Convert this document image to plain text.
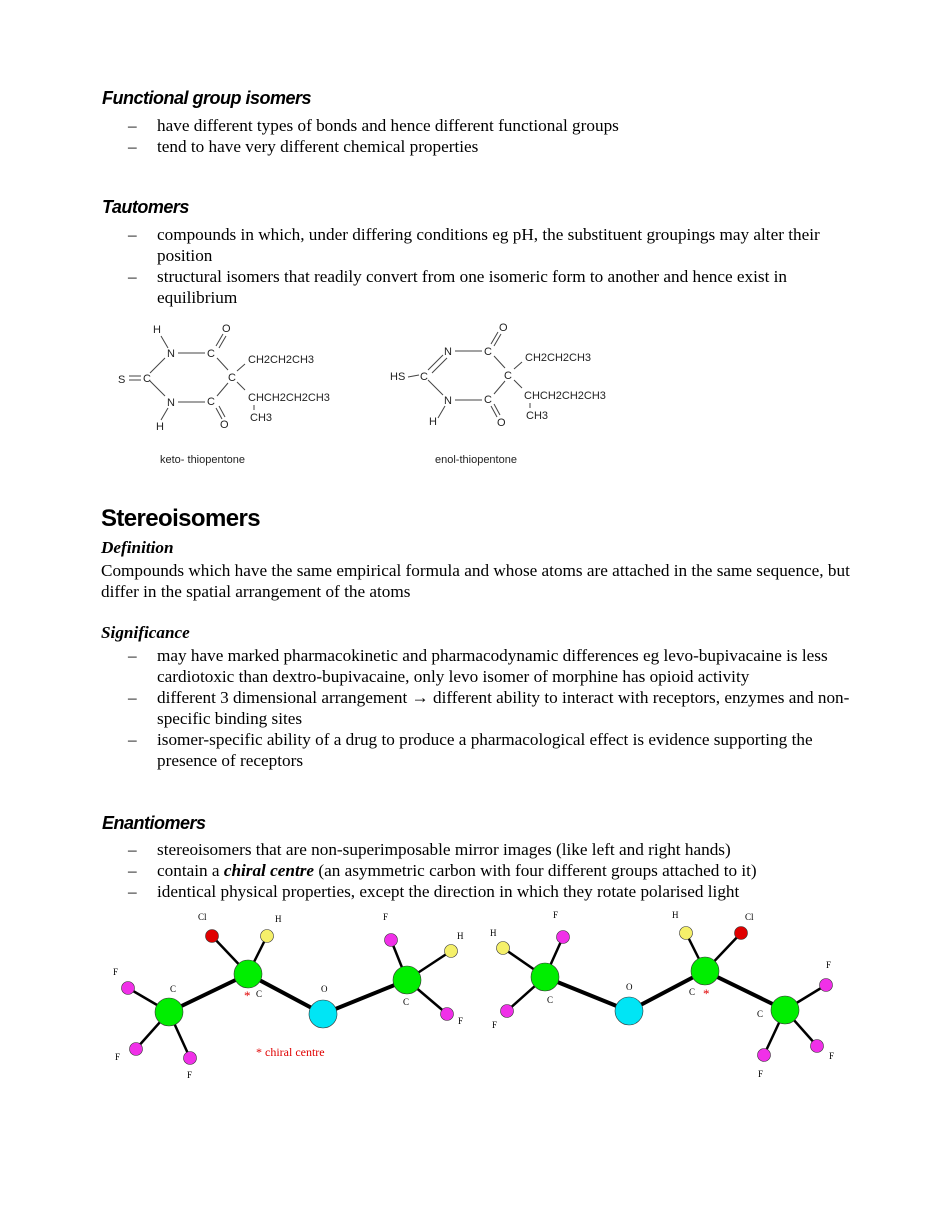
Functional group isomers
– have different types of bonds and hence different functional groups
– tend to have very different chemical properties
Tautomers
– compounds in which, under differing conditions eg pH, the substituent groupings may alter their position
– structural isomers that readily convert from one isomeric form to another and hence exist in equilibrium
H
N	C
O
S C	C
CH2CH2CH3
N	C	CHCH2CH2CH3
CH3
H	O
keto- thiopentone
O
N	C	CH2CH2CH3
HS C	C
CHCH2CH2CH3
N	C
CH3
H	O
enol-thiopentone
Stereoisomers
Definition

Compounds which have the same empirical formula and whose atoms are attached in the same sequence, but differ in the spatial arrangement of the atoms

Significance
– may have marked pharmacokinetic and pharmacodynamic differences eg levo-bupivacaine is less cardiotoxic than dextro-bupivacaine, only levo isomer of morphine has opioid activity
– different 3 dimensional arrangement → different ability to interact with receptors, enzymes and non-specific binding sites
– isomer-specific ability of a drug to produce a pharmacological effect is evidence supporting the presence of receptors
Enantiomers
– stereoisomers that are non-superimposable mirror images (like left and right hands)
– contain a chiral centre (an asymmetric carbon with four different groups attached to it)
– identical physical properties, except the direction in which they rotate polarised light
Cl	H	F
H
F
C	C	O
C
F
F
F
*
* chiral centre
H
F	H	Cl
F
C
O	C
C
F
F
F
*
